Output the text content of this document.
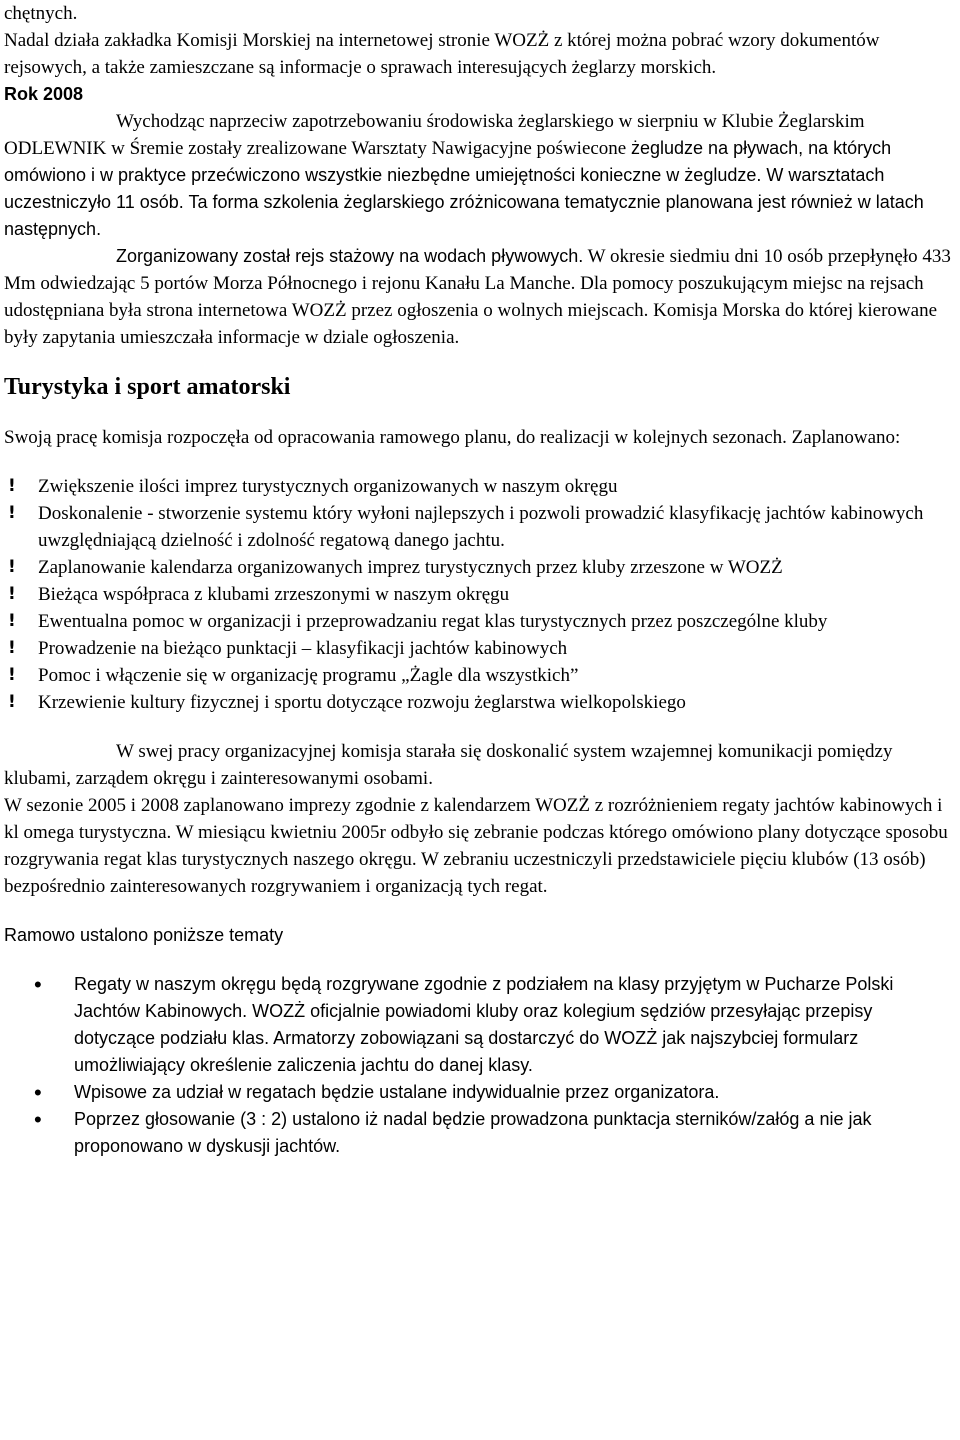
chętnych.

Nadal działa zakładka Komisji Morskiej na internetowej stronie WOZŻ z której można pobrać wzory dokumentów rejsowych, a także zamieszczane są informacje o sprawach interesujących żeglarzy morskich.

Rok 2008

Wychodząc naprzeciw zapotrzebowaniu środowiska żeglarskiego w sierpniu w Klubie Żeglarskim ODLEWNIK w Śremie zostały zrealizowane Warsztaty Nawigacyjne poświecone żegludze na pływach, na których omówiono i w praktyce przećwiczono wszystkie niezbędne umiejętności konieczne w żegludze. W warsztatach uczestniczyło 11 osób. Ta forma szkolenia żeglarskiego zróżnicowana tematycznie planowana jest również w latach następnych.

Zorganizowany został rejs stażowy na wodach pływowych. W okresie siedmiu dni 10 osób przepłynęło 433 Mm odwiedzając 5 portów Morza Północnego i rejonu Kanału La Manche. Dla pomocy poszukującym miejsc na rejsach udostępniana była strona internetowa WOZŻ przez ogłoszenia o wolnych miejscach. Komisja Morska do której kierowane były zapytania umieszczała informacje w dziale ogłoszenia.

Turystyka i sport amatorski

Swoją pracę komisja rozpoczęła od opracowania ramowego planu, do realizacji w kolejnych sezonach. Zaplanowano:

! Zwiększenie ilości imprez turystycznych organizowanych w naszym okręgu
! Doskonalenie - stworzenie systemu który wyłoni najlepszych i pozwoli prowadzić klasyfikację jachtów kabinowych uwzględniającą dzielność i zdolność regatową danego jachtu.
! Zaplanowanie kalendarza organizowanych imprez turystycznych przez kluby zrzeszone w WOZŻ
! Bieżąca współpraca z klubami zrzeszonymi w naszym okręgu
! Ewentualna pomoc w organizacji i przeprowadzaniu regat klas turystycznych przez poszczególne kluby
! Prowadzenie na bieżąco punktacji – klasyfikacji jachtów kabinowych
! Pomoc i włączenie się w organizację programu „Żagle dla wszystkich”
! Krzewienie kultury fizycznej i sportu dotyczące rozwoju żeglarstwa wielkopolskiego

W swej pracy organizacyjnej komisja starała się doskonalić system wzajemnej komunikacji pomiędzy klubami, zarządem okręgu i zainteresowanymi osobami.

W sezonie 2005 i 2008 zaplanowano imprezy zgodnie z kalendarzem WOZŻ z rozróżnieniem regaty jachtów kabinowych i kl omega turystyczna. W miesiącu kwietniu 2005r odbyło się zebranie podczas którego omówiono plany dotyczące sposobu rozgrywania regat klas turystycznych naszego okręgu. W zebraniu uczestniczyli przedstawiciele pięciu klubów (13 osób) bezpośrednio zainteresowanych rozgrywaniem i organizacją tych regat.

Ramowo ustalono poniższe tematy

• Regaty w naszym okręgu będą rozgrywane zgodnie z podziałem na klasy przyjętym w Pucharze Polski Jachtów Kabinowych. WOZŻ oficjalnie powiadomi kluby oraz kolegium sędziów przesyłając przepisy dotyczące podziału klas. Armatorzy zobowiązani są dostarczyć do WOZŻ jak najszybciej formularz umożliwiający określenie zaliczenia jachtu do danej klasy.
• Wpisowe za udział w regatach będzie ustalane indywidualnie przez organizatora.
• Poprzez głosowanie (3 : 2) ustalono iż nadal będzie prowadzona punktacja sterników/załóg a nie jak proponowano w dyskusji jachtów.
